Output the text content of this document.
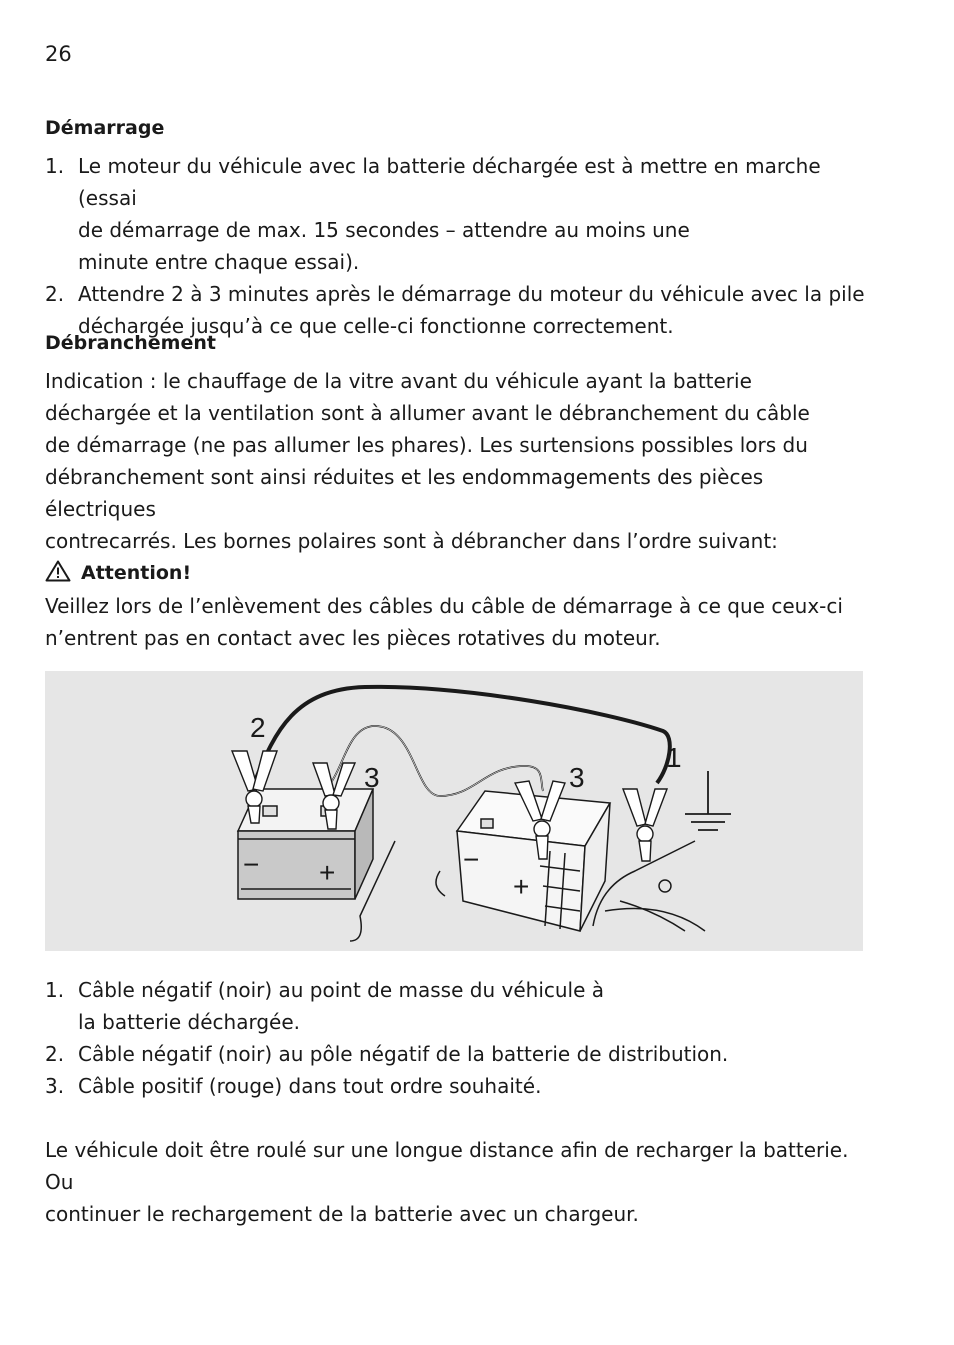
26
Démarrage
1. Le moteur du véhicule avec la batterie déchargée est à mettre en marche (essai
de démarrage de max. 15 secondes – attendre au moins une
minute entre chaque essai).
2. Attendre 2 à 3 minutes après le démarrage du moteur du véhicule avec la pile
déchargée jusqu’à ce que celle-ci fonctionne correctement.
Débranchement
Indication : le chauffage de la vitre avant du véhicule ayant la batterie
déchargée et la ventilation sont à allumer avant le débranchement du câble
de démarrage (ne pas allumer les phares). Les surtensions possibles lors du
débranchement sont ainsi réduites et les endommagements des pièces électriques
contrecarrés. Les bornes polaires sont à débrancher dans l’ordre suivant:
Attention!
Veillez lors de l’enlèvement des câbles du câble de démarrage à ce que ceux-ci
n’entrent pas en contact avec les pièces rotatives du moteur.
− +	−
+
2
3	3
1
1. Câble négatif (noir) au point de masse du véhicule à
la batterie déchargée.
2. Câble négatif (noir) au pôle négatif de la batterie de distribution.
3. Câble positif (rouge) dans tout ordre souhaité.
Le véhicule doit être roulé sur une longue distance afin de recharger la batterie. Ou
continuer le rechargement de la batterie avec un chargeur.
